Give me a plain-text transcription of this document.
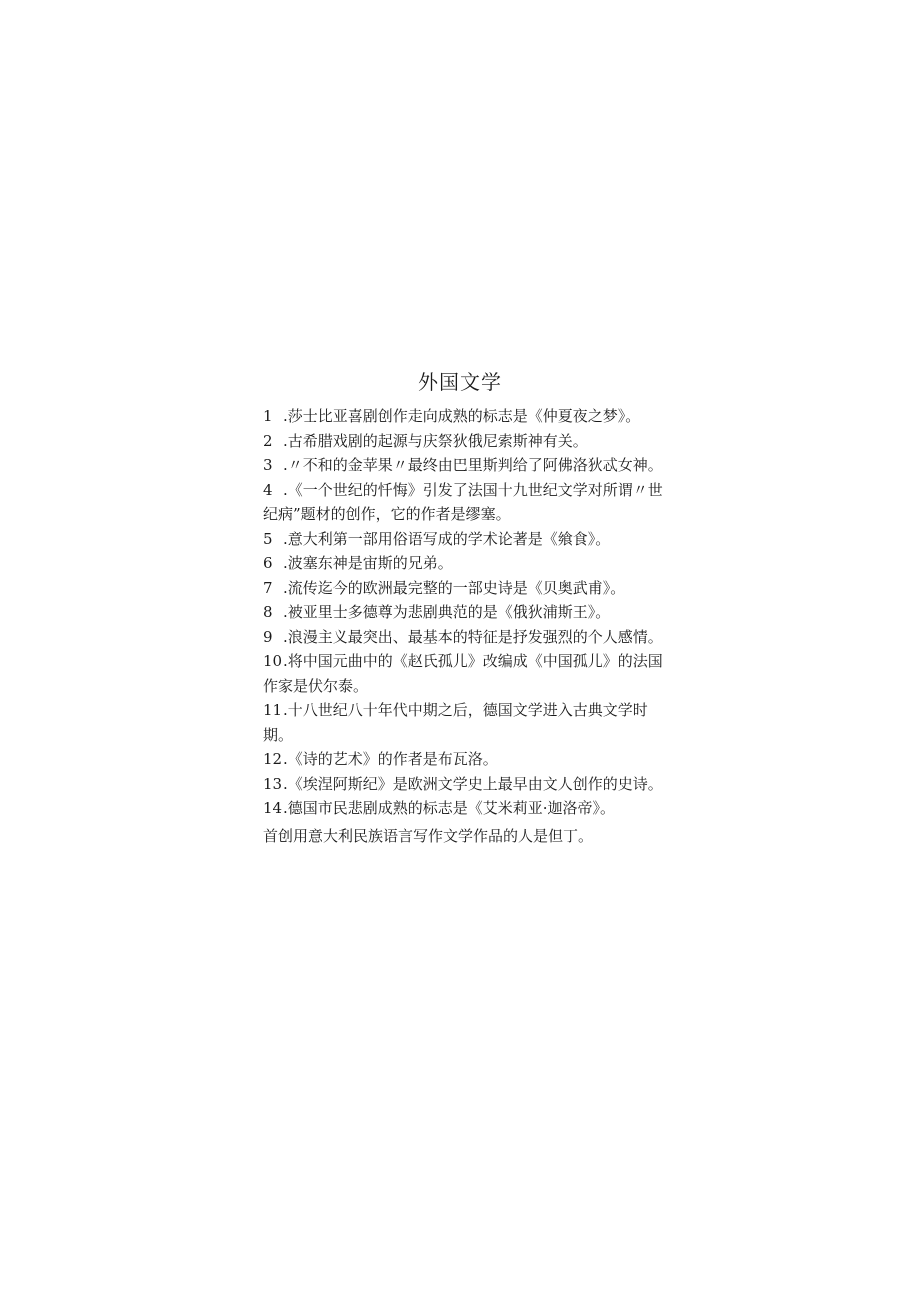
外国文学

1 .莎士比亚喜剧创作走向成熟的标志是《仲夏夜之梦》。

2 .古希腊戏剧的起源与庆祭狄俄尼索斯神有关。

3 .〃不和的金苹果〃最终由巴里斯判给了阿佛洛狄忒女神。

4 .《一个世纪的忏悔》引发了法国十九世纪文学对所谓〃世纪病”题材的创作，它的作者是缪塞。

5 .意大利第一部用俗语写成的学术论著是《飨食》。

6 .波塞东神是宙斯的兄弟。

7 .流传迄今的欧洲最完整的一部史诗是《贝奥武甫》。

8 .被亚里士多德尊为悲剧典范的是《俄狄浦斯王》。

9 .浪漫主义最突出、最基本的特征是抒发强烈的个人感情。

10.将中国元曲中的《赵氏孤儿》改编成《中国孤儿》的法国作家是伏尔泰。

11.十八世纪八十年代中期之后，德国文学进入古典文学时期。

12.《诗的艺术》的作者是布瓦洛。

13.《埃涅阿斯纪》是欧洲文学史上最早由文人创作的史诗。

14.德国市民悲剧成熟的标志是《艾米莉亚·迦洛帝》。

首创用意大利民族语言写作文学作品的人是但丁。
